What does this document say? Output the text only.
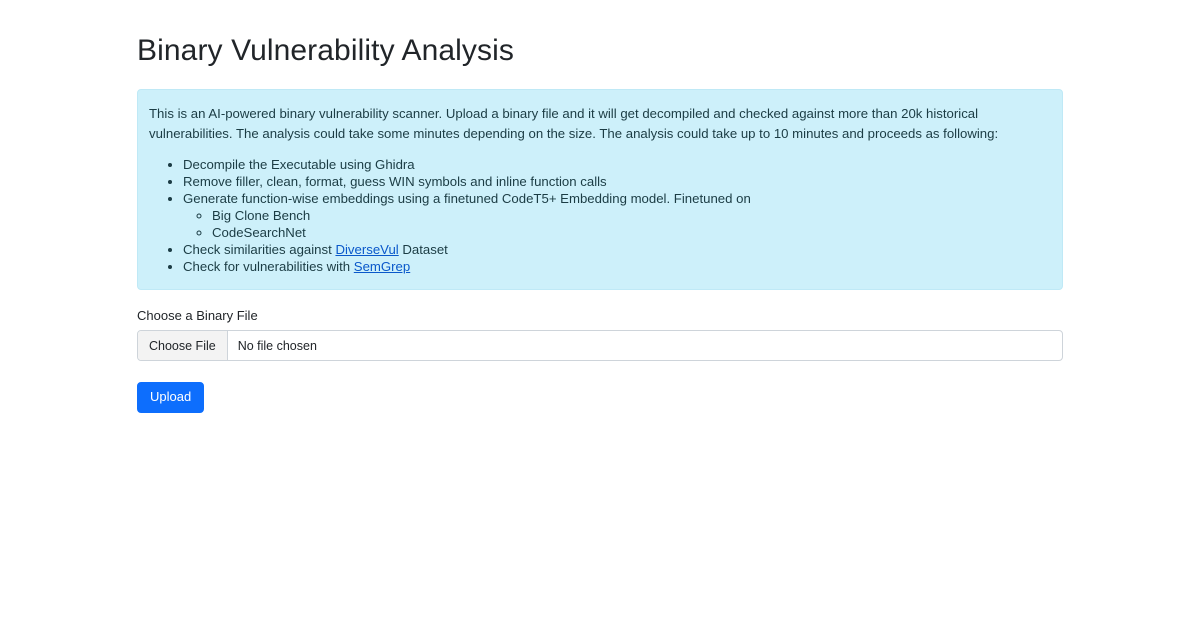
Binary Vulnerability Analysis

This is an AI-powered binary vulnerability scanner. Upload a binary file and it will get decompiled and checked against more than 20k historical vulnerabilities. The analysis could take some minutes depending on the size. The analysis could take up to 10 minutes and proceeds as following:

• Decompile the Executable using Ghidra
• Remove filler, clean, format, guess WIN symbols and inline function calls
• Generate function-wise embeddings using a finetuned CodeT5+ Embedding model. Finetuned on
◦ Big Clone Bench
◦ CodeSearchNet
• Check similarities against DiverseVul Dataset
• Check for vulnerabilities with SemGrep
Choose a Binary File
Choose File	No file chosen
Upload
